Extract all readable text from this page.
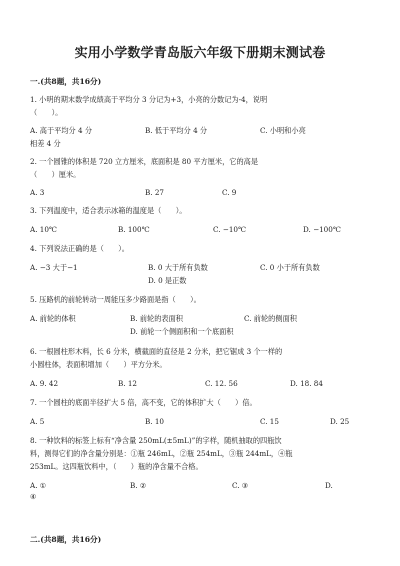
实用小学数学青岛版六年级下册期末测试卷
一.(共8题，共16分)
1. 小明的期末数学成绩高于平均分 3 分记为+3，小亮的分数记为-4，说明
（　　）。
A. 高于平均分 4 分	B. 低于平均分 4 分	C. 小明和小亮
相差 4 分
2. 一个圆锥的体积是 720 立方厘米，底面积是 80 平方厘米，它的高是
（　　）厘米。
A. 3	B. 27	C. 9
3. 下列温度中，适合表示冰箱的温度是（　　）。
A. 10℃	B. 100℃	C. −10℃	D. −100℃
4. 下列说法正确的是（　　）。
A. −3 大于−1	B. 0 大于所有负数	C. 0 小于所有负数
D. 0 是正数
5. 压路机的前轮转动一周能压多少路面是指（　　）。
A. 前轮的体积	B. 前轮的表面积	C. 前轮的侧面积
D. 前轮一个侧面积和一个底面积
6. 一根圆柱形木料，长 6 分米，横截面的直径是 2 分米，把它锯成 3 个一样的
小圆柱体，表面积增加（　　）平方分米。
A. 9. 42	B. 12	C. 12. 56	D. 18. 84
7. 一个圆柱的底面半径扩大 5 倍，高不变，它的体积扩大（　　）倍。
A. 5	B. 10	C. 15	D. 25
8. 一种饮料的标签上标有“净含量 250mL(±5mL)”的字样，随机抽取的四瓶饮
料，测得它们的净含量分别是：①瓶 246mL，②瓶 254mL，③瓶 244mL，④瓶
253mL。这四瓶饮料中，（　　）瓶的净含量不合格。
A. ①	B. ②	C. ③	D.
④
二.(共8题，共16分)
